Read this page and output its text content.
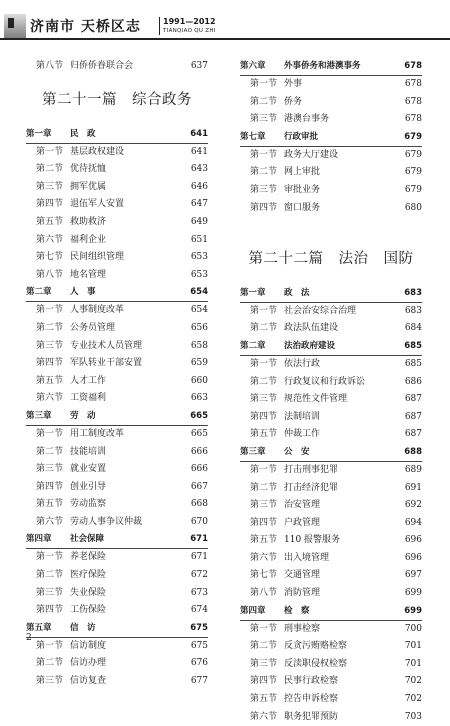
济南市 天桥区志	1991—2012
TIANQIAO QU ZHI
第八节 归侨侨眷联合会	637
第二十一篇　综合政务
第一章	民　政	641
第一节 基层政权建设	641
第二节 优待抚恤	643
第三节 拥军优属	646
第四节 退伍军人安置	647
第五节 救助救济	649
第六节 福利企业	651
第七节 民间组织管理	653
第八节 地名管理	653
第二章	人　事	654
第一节 人事制度改革	654
第二节 公务员管理	656
第三节 专业技术人员管理	658
第四节 军队转业干部安置	659
第五节 人才工作	660
第六节 工资福利	663
第三章	劳　动	665
第一节 用工制度改革	665
第二节 技能培训	666
第三节 就业安置	666
第四节 创业引导	667
第五节 劳动监察	668
第六节 劳动人事争议仲裁	670
第四章	社会保障	671
第一节 养老保险	671
第二节 医疗保险	672
第三节 失业保险	673
第四节 工伤保险	674
第五章	信　访	675
第一节 信访制度	675
第二节 信访办理	676
第三节 信访复查	677
第六章	外事侨务和港澳事务	678
第一节 外事	678
第二节 侨务	678
第三节 港澳台事务	678
第七章	行政审批	679
第一节 政务大厅建设	679
第二节 网上审批	679
第三节 审批业务	679
第四节 窗口服务	680
第二十二篇　法治　国防
第一章	政　法	683
第一节 社会治安综合治理	683
第二节 政法队伍建设	684
第二章	法治政府建设	685
第一节 依法行政	685
第二节 行政复议和行政诉讼	686
第三节 规范性文件管理	687
第四节 法制培训	687
第五节 仲裁工作	687
第三章	公　安	688
第一节 打击刑事犯罪	689
第二节 打击经济犯罪	691
第三节 治安管理	692
第四节 户政管理	694
第五节 110 报警服务	696
第六节 出入境管理	696
第七节 交通管理	697
第八节 消防管理	699
第四章	检　察	699
第一节 刑事检察	700
第二节 反贪污贿赂检察	701
第三节 反渎职侵权检察	701
第四节 民事行政检察	702
第五节 控告申诉检察	702
第六节 职务犯罪预防	703
2
